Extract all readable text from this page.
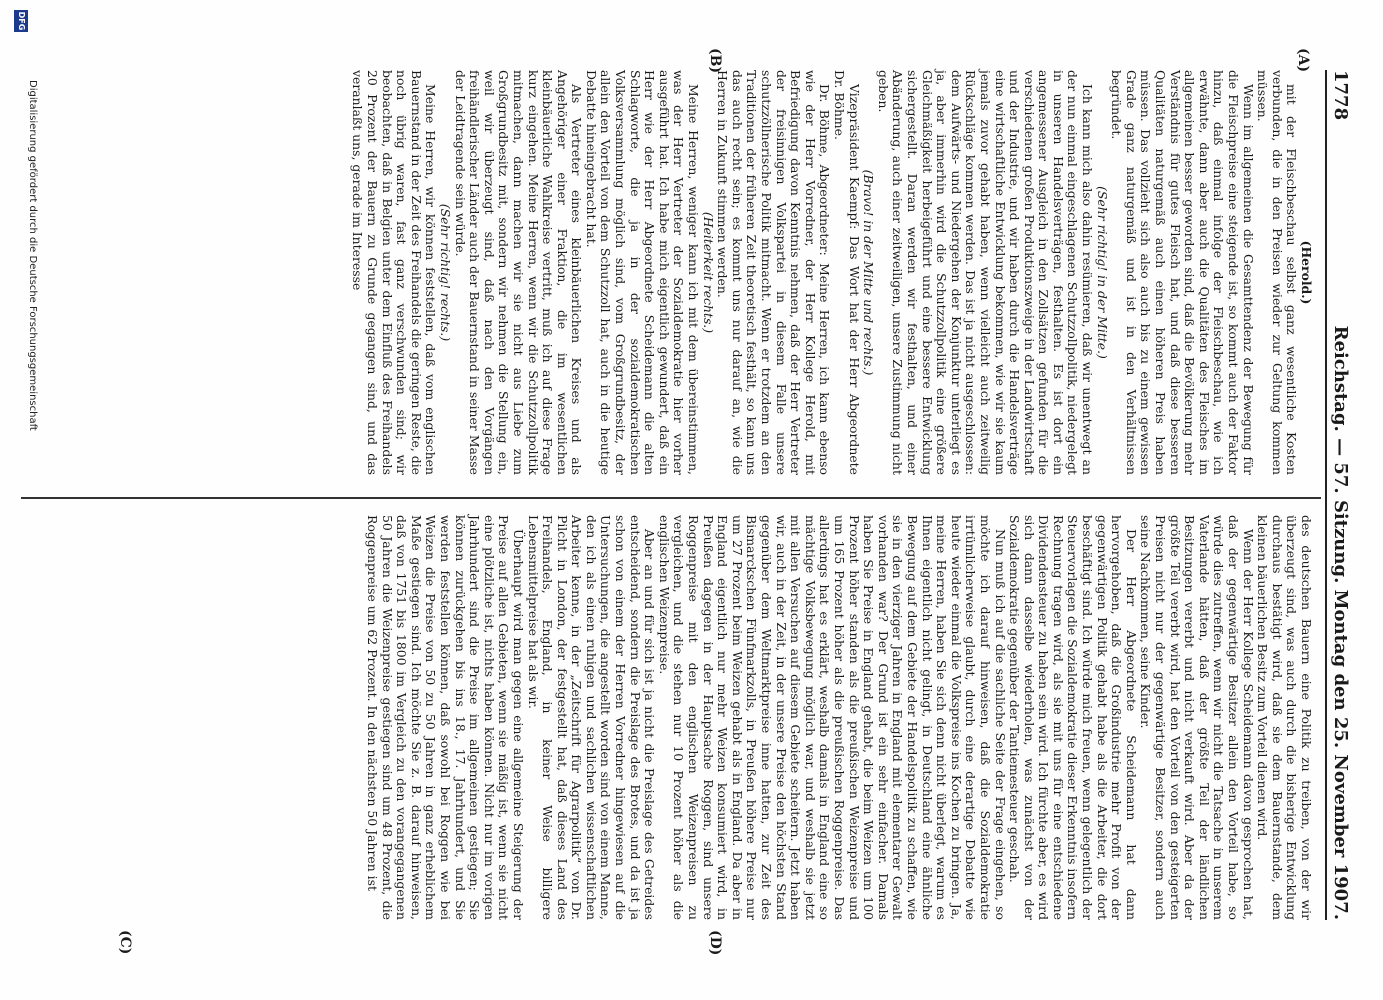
1778
Reichstag. — 57. Sitzung. Montag den 25. November 1907.
(A)
(B)
(C)	(D)

(Herold.)

mit der Fleischbeschau selbst ganz wesentliche Kosten verbunden, die in den Preisen wieder zur Geltung kommen müssen.

Wenn im allgemeinen die Gesamttendenz der Bewegung für die Fleischpreise eine steigende ist, so kommt auch der Faktor hinzu, daß einmal infolge der Fleischbeschau, wie ich erwähnte, dann aber auch die Qualitäten des Fleisches im allgemeinen besser geworden sind, daß die Bevölkerung mehr Verständnis für gutes Fleisch hat, und daß diese besseren Qualitäten naturgemäß auch einen höheren Preis haben müssen. Das vollzieht sich also auch bis zu einem gewissen Grade ganz naturgemäß und ist in den Verhältnissen begründet.

(Sehr richtig! in der Mitte.)

Ich kann mich also dahin resümieren, daß wir unentwegt an der nun einmal eingeschlagenen Schutzzollpolitik, niedergelegt in unseren Handelsverträgen, festhalten. Es ist dort ein angemessener Ausgleich in den Zollsätzen gefunden für die verschiedenen großen Produktionszweige in der Landwirtschaft und der Industrie, und wir haben durch die Handelsverträge eine wirtschaftliche Entwicklung bekommen, wie wir sie kaum jemals zuvor gehabt haben, wenn vielleicht auch zeitweilig Rückschläge kommen werden. Das ist ja nicht ausgeschlossen: dem Aufwärts- und Niedergehen der Konjunktur unterliegt es ja, aber immerhin wird die Schutzzollpolitik eine größere Gleichmäßigkeit herbeigeführt und eine bessere Entwicklung sichergestellt. Daran werden wir festhalten, und einer Abänderung, auch einer zeitweiligen, unsere Zustimmung nicht geben.

(Bravo! in der Mitte und rechts.)

Vizepräsident Kaempf: Das Wort hat der Herr Abgeordnete Dr. Böhme.

Dr. Böhme, Abgeordneter: Meine Herren, ich kann ebenso wie der Herr Vorredner, der Herr Kollege Herold, mit Befriedigung davon Kenntnis nehmen, daß der Herr Vertreter der freisinnigen Volkspartei in diesem Falle unsere schutzzöllnerische Politik mitmacht. Wenn er trotzdem an den Traditionen der früheren Zeit theoretisch festhält, so kann uns das auch recht sein; es kommt uns nur darauf an, wie die Herren in Zukunft stimmen werden.

(Heiterkeit rechts.)

Meine Herren, weniger kann ich mit dem übereinstimmen, was der Herr Vertreter der Sozialdemokratie hier vorher ausgeführt hat. Ich habe mich eigentlich gewundert, daß ein Herr wie der Herr Abgeordnete Scheidemann die alten Schlagworte, die ja in der sozialdemokratischen Volksversammlung möglich sind, vom Großgrundbesitz, der allein den Vorteil von dem Schutzzoll hat, auch in die heutige Debatte hineingebracht hat.

Als Vertreter eines kleinbäuerlichen Kreises und als Angehöriger einer Fraktion, die im wesentlichen kleinbäuerliche Wahlkreise vertritt, muß ich auf diese Frage kurz eingehen. Meine Herren, wenn wir die Schutzzollpolitik mitmachen, dann machen wir sie nicht aus Liebe zum Großgrundbesitz mit, sondern wir nehmen die Stellung ein, weil wir überzeugt sind, daß nach den Vorgängen freihändlerischer Länder auch der Bauernstand in seiner Masse der Leidtragende sein würde.

(Sehr richtig! rechts.)

Meine Herren, wir können feststellen, daß vom englischen Bauernstand in der Zeit des Freihandels die geringen Reste, die noch übrig waren, fast ganz verschwunden sind; wir beobachten, daß in Belgien unter dem Einfluß des Freihandels 20 Prozent der Bauern zu Grunde gegangen sind, und das veranlaßt uns, gerade im Interesse

des deutschen Bauern eine Politik zu treiben, von der wir überzeugt sind, was auch durch die bisherige Entwicklung durchaus bestätigt wird, daß sie dem Bauernstande, dem kleinen bäuerlichen Besitz zum Vorteil dienen wird.

Wenn der Herr Kollege Scheidemann davon gesprochen hat, daß der gegenwärtige Besitzer allein den Vorteil habe, so würde dies zutreffen, wenn wir nicht die Tatsache in unserem Vaterlande hätten, daß der größte Teil der ländlichen Besitzungen vererbt und nicht verkauft wird. Aber da der größte Teil vererbt wird, hat den Vorteil von den gesteigerten Preisen nicht nur der gegenwärtige Besitzer, sondern auch seine Nachkommen, seine Kinder.

Der Herr Abgeordnete Scheidemann hat dann hervorgehoben, daß die Großindustrie mehr Profit von der gegenwärtigen Politik gehabt habe als die Arbeiter, die dort beschäftigt sind. Ich würde mich freuen, wenn gelegentlich der Steuervorlagen die Sozialdemokratie dieser Erkenntnis insofern Rechnung tragen wird, als sie mit uns für eine entschiedene Dividendensteuer zu haben sein wird. Ich fürchte aber, es wird sich dann dasselbe wiederholen, was zunächst von der Sozialdemokratie gegenüber der Tantiemesteuer geschah.

Nun muß ich auf die sachliche Seite der Frage eingehen, so möchte ich darauf hinweisen, daß die Sozialdemokratie irrtümlicherweise glaubt, durch eine derartige Debatte wie heute wieder einmal die Volkspreise ins Kochen zu bringen. Ja, meine Herren, haben Sie sich denn nicht überlegt, warum es Ihnen eigentlich nicht gelingt, in Deutschland eine ähnliche Bewegung auf dem Gebiete der Handelspolitik zu schaffen, wie sie in den vierziger Jahren in England mit elementarer Gewalt vorhanden war? Der Grund ist ein sehr einfacher. Damals haben Sie Preise in England gehabt, die beim Weizen um 100 Prozent höher standen als die preußischen Weizenpreise und um 165 Prozent höher als die preußischen Roggenpreise. Das allerdings hat es erklärt, weshalb damals in England eine so mächtige Volksbewegung möglich war, und weshalb sie jetzt mit allen Versuchen auf diesem Gebiete scheitern. Jetzt haben wir, auch in der Zeit, in der unsere Preise den höchsten Stand gegenüber dem Weltmarktpreise inne hatten, zur Zeit des Bismarckschen Fünfmarkzolls, in Preußen höhere Preise nur um 27 Prozent beim Weizen gehabt als in England. Da aber in England eigentlich nur mehr Weizen konsumiert wird, in Preußen dagegen in der Hauptsache Roggen, sind unsere Roggenpreise mit den englischen Weizenpreisen zu vergleichen, und die stehen nur 10 Prozent höher als die englischen Weizenpreise.

Aber an und für sich ist ja nicht die Preislage des Getreides entscheidend, sondern die Preislage des Brotes, und da ist ja schon von einem der Herren Vorredner hingewiesen auf die Untersuchungen, die angestellt worden sind von einem Manne, den ich als einen ruhigen und sachlichen wissenschaftlichen Arbeiter kenne, in der „Zeitschrift für Agrarpolitik“ von Dr. Pilcht in London, der festgestellt hat, daß dieses Land des Freihandels, England, in keiner Weise billigere Lebensmittelpreise hat als wir.

Überhaupt wird man gegen eine allgemeine Steigerung der Preise auf allen Gebieten, wenn sie mäßig ist, wenn sie nicht eine plötzliche ist, nichts haben können. Nicht nur im vorigen Jahrhundert sind die Preise im allgemeinen gestiegen; Sie können zurückgehen bis ins 18., 17. Jahrhundert, und Sie werden feststellen können, daß sowohl bei Roggen wie bei Weizen die Preise von 50 zu 50 Jahren in ganz erheblichem Maße gestiegen sind. Ich möchte Sie z. B. darauf hinweisen, daß von 1751 bis 1800 im Vergleich zu den vorangegangenen 50 Jahren die Weizenpreise gestiegen sind um 48 Prozent, die Roggenpreise um 62 Prozent. In den nächsten 50 Jahren ist

DFG
Digitalisierung gefördert durch die Deutsche Forschungsgemeinschaft
